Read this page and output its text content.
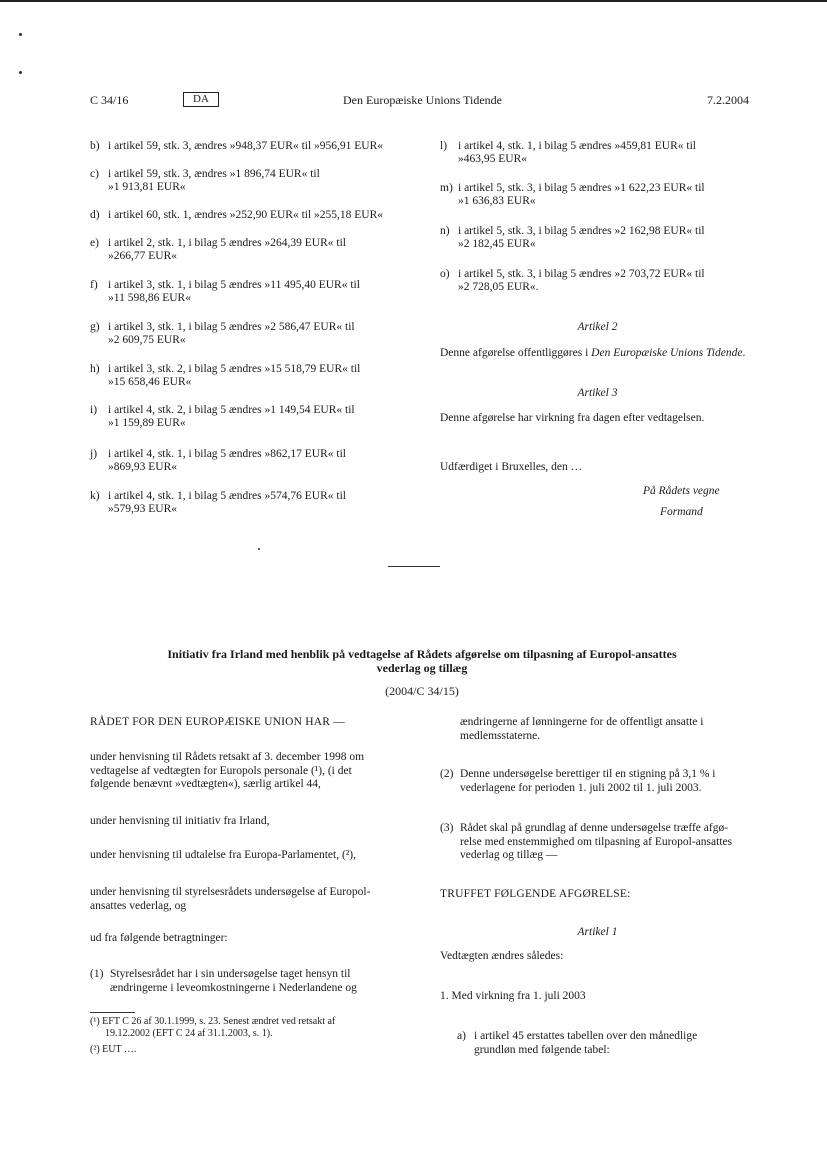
C 34/16	DA	Den Europæiske Unions Tidende	7.2.2004
b) i artikel 59, stk. 3, ændres »948,37 EUR« til »956,91 EUR«
c) i artikel 59, stk. 3, ændres »1 896,74 EUR« til
»1 913,81 EUR«
d) i artikel 60, stk. 1, ændres »252,90 EUR« til »255,18 EUR«
e) i artikel 2, stk. 1, i bilag 5 ændres »264,39 EUR« til
»266,77 EUR«
f) i artikel 3, stk. 1, i bilag 5 ændres »11 495,40 EUR« til
»11 598,86 EUR«
g) i artikel 3, stk. 1, i bilag 5 ændres »2 586,47 EUR« til
»2 609,75 EUR«
h) i artikel 3, stk. 2, i bilag 5 ændres »15 518,79 EUR« til
»15 658,46 EUR«
i) i artikel 4, stk. 2, i bilag 5 ændres »1 149,54 EUR« til
»1 159,89 EUR«
j) i artikel 4, stk. 1, i bilag 5 ændres »862,17 EUR« til
»869,93 EUR«
k) i artikel 4, stk. 1, i bilag 5 ændres »574,76 EUR« til
»579,93 EUR«
l) i artikel 4, stk. 1, i bilag 5 ændres »459,81 EUR« til
»463,95 EUR«
m) i artikel 5, stk. 3, i bilag 5 ændres »1 622,23 EUR« til
»1 636,83 EUR«
n) i artikel 5, stk. 3, i bilag 5 ændres »2 162,98 EUR« til
»2 182,45 EUR«
o) i artikel 5, stk. 3, i bilag 5 ændres »2 703,72 EUR« til
»2 728,05 EUR«.
Artikel 2
Denne afgørelse offentliggøres i Den Europæiske Unions Tidende.
Artikel 3
Denne afgørelse har virkning fra dagen efter vedtagelsen.
Udfærdiget i Bruxelles, den …
På Rådets vegne
Formand
Initiativ fra Irland med henblik på vedtagelse af Rådets afgørelse om tilpasning af Europol-ansattes
vederlag og tillæg
(2004/C 34/15)
RÅDET FOR DEN EUROPÆISKE UNION HAR —
under henvisning til Rådets retsakt af 3. december 1998 om
vedtagelse af vedtægten for Europols personale (¹), (i det
følgende benævnt »vedtægten«), særlig artikel 44,
under henvisning til initiativ fra Irland,
under henvisning til udtalelse fra Europa-Parlamentet, (²),
under henvisning til styrelsesrådets undersøgelse af Europol-
ansattes vederlag, og
ud fra følgende betragtninger:
(1) Styrelsesrådet har i sin undersøgelse taget hensyn til
ændringerne i leveomkostningerne i Nederlandene og
(¹) EFT C 26 af 30.1.1999, s. 23. Senest ændret ved retsakt af
19.12.2002 (EFT C 24 af 31.1.2003, s. 1).
(²) EUT ….
ændringerne af lønningerne for de offentligt ansatte i
medlemsstaterne.
(2) Denne undersøgelse berettiger til en stigning på 3,1 % i
vederlagene for perioden 1. juli 2002 til 1. juli 2003.
(3) Rådet skal på grundlag af denne undersøgelse træffe afgø-
relse med enstemmighed om tilpasning af Europol-ansattes
vederlag og tillæg —
TRUFFET FØLGENDE AFGØRELSE:
Artikel 1
Vedtægten ændres således:
1. Med virkning fra 1. juli 2003
a) i artikel 45 erstattes tabellen over den månedlige
grundløn med følgende tabel:
